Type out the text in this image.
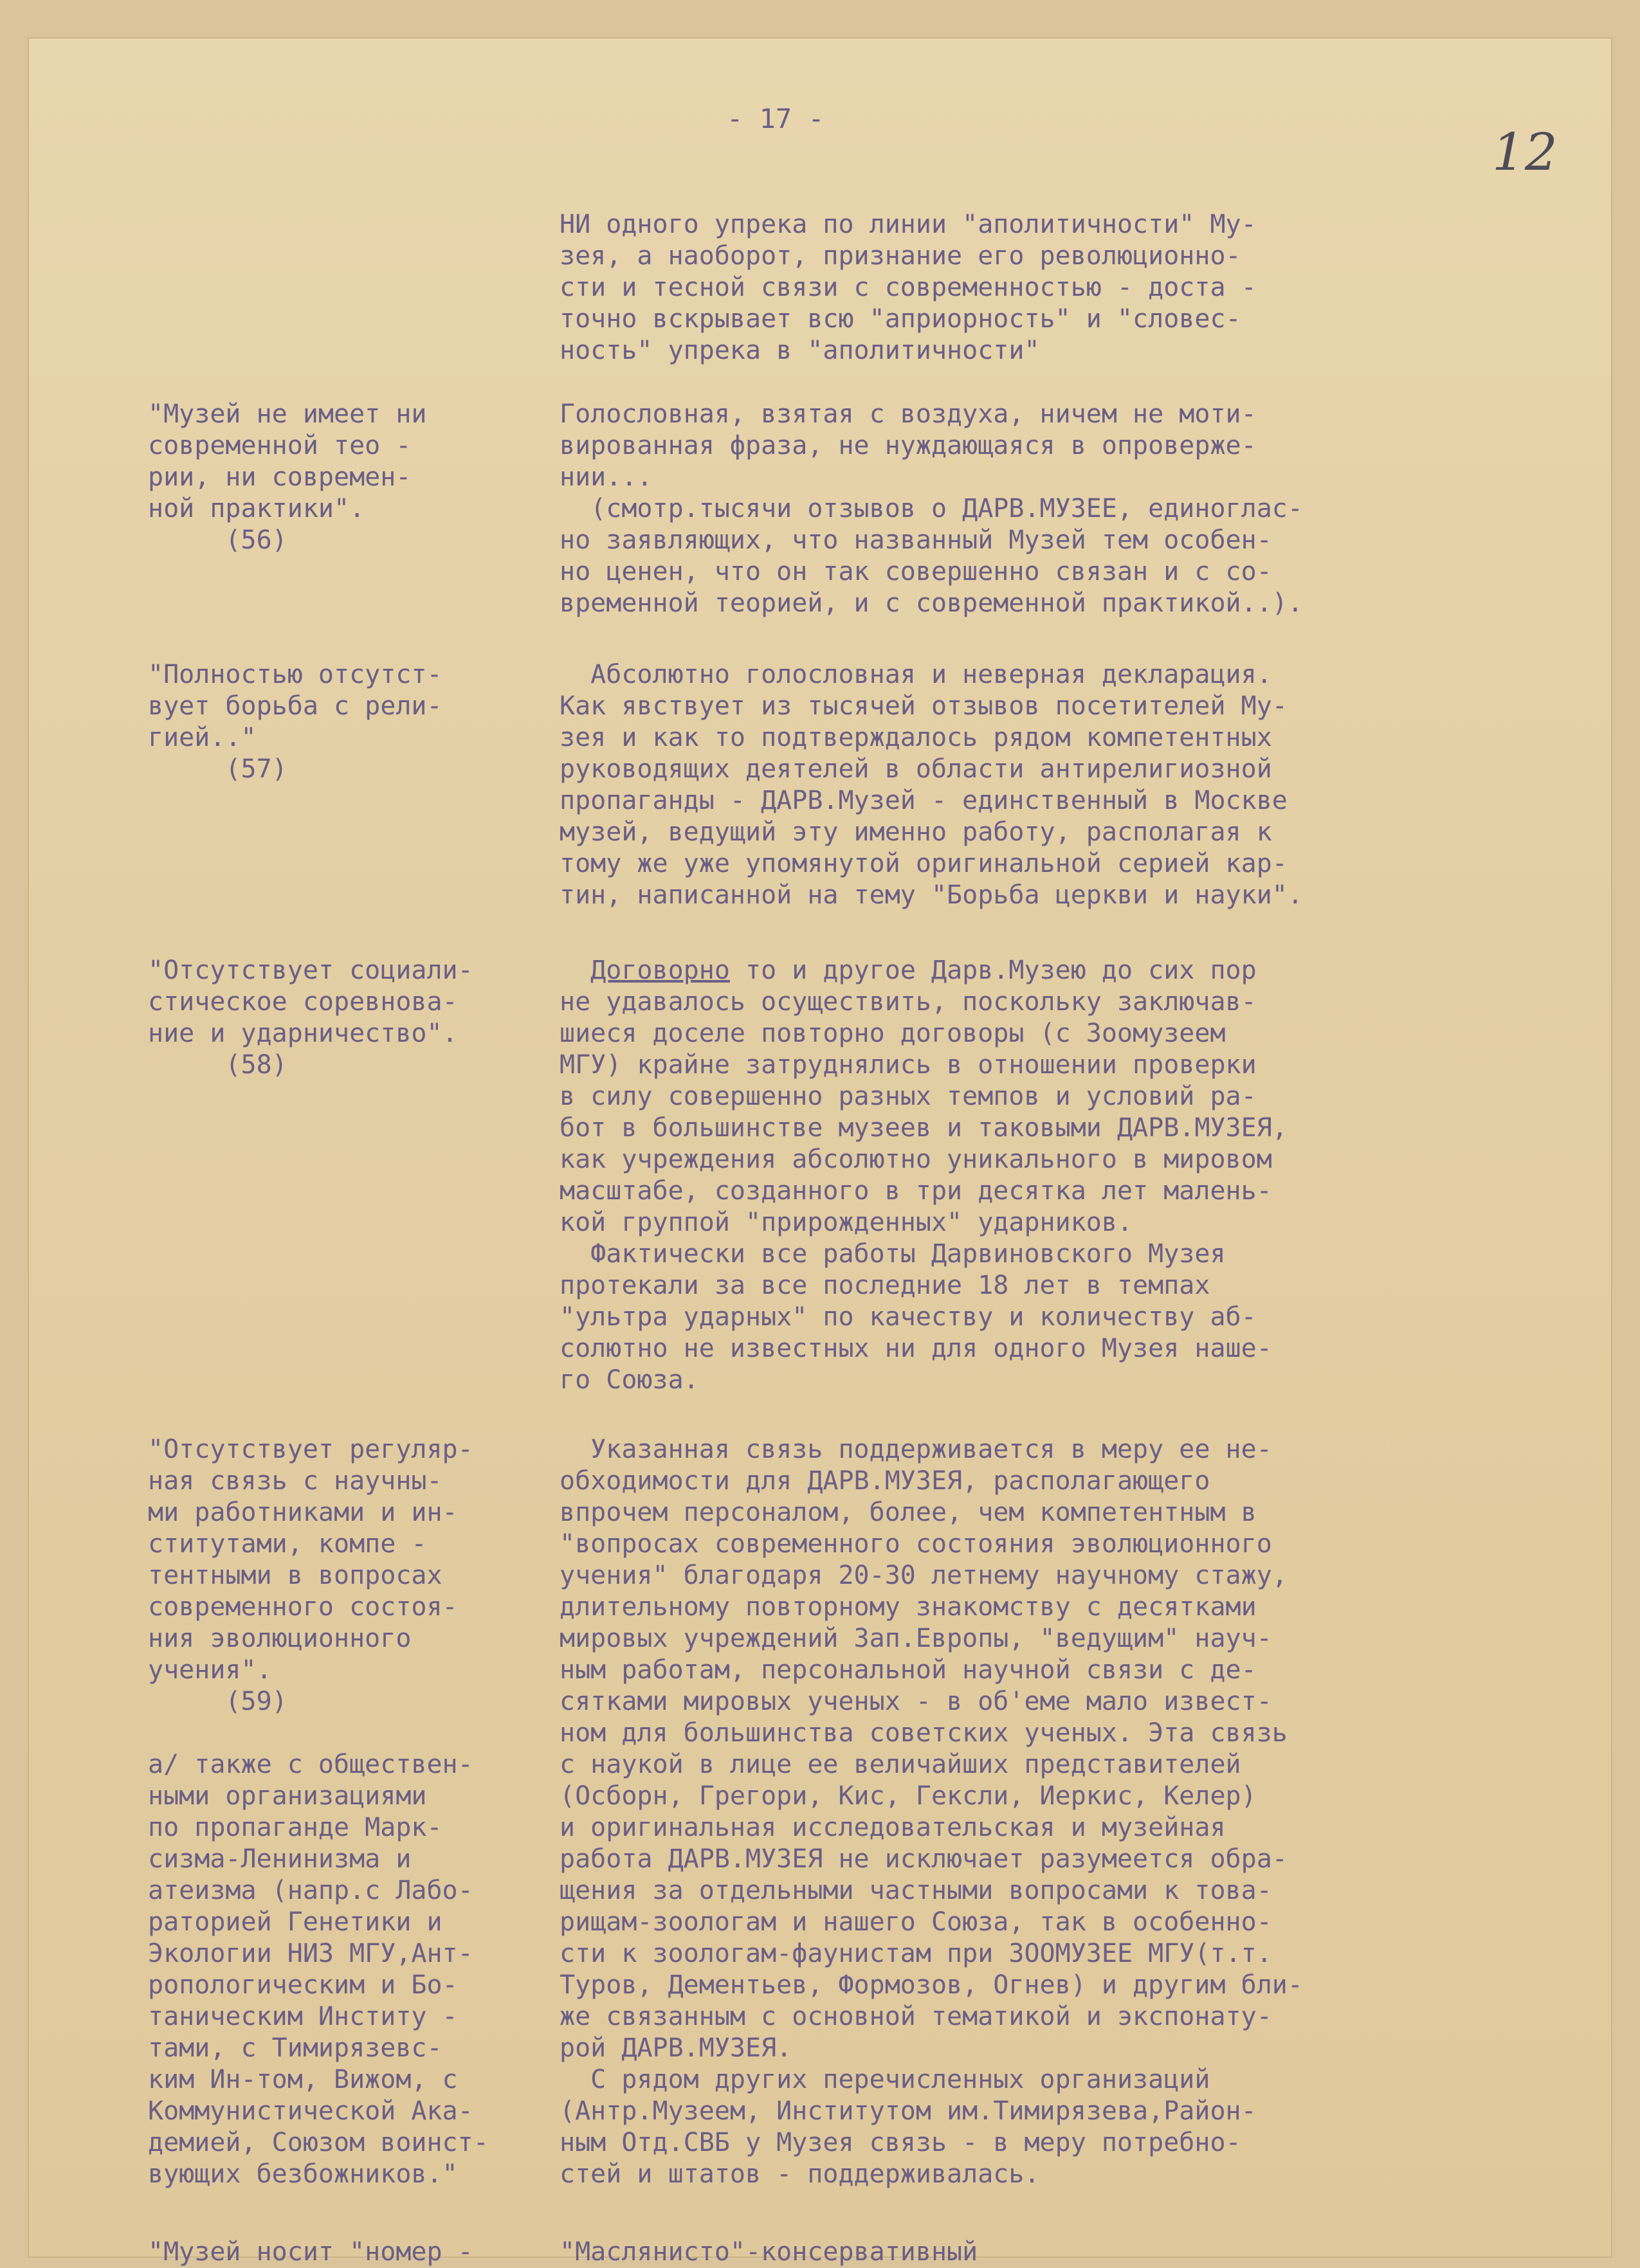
- 17 -
12

НИ одного упрека по линии "аполитичности" Му-

зея, а наоборот, признание его революционно-

сти и тесной связи с современностью - доста -

точно вскрывает всю "априорность" и "словес-

ность" упрека в "аполитичности"

"Музей не имеет ни

современной тео -

рии, ни современ-

ной практики".

(56)

Голословная, взятая с воздуха, ничем не моти-

вированная фраза, не нуждающаяся в опроверже-

нии...

(смотр.тысячи отзывов о ДАРВ.МУЗЕЕ, единоглас-

но заявляющих, что названный Музей тем особен-

но ценен, что он так совершенно связан и с со-

временной теорией, и с современной практикой..).

"Полностью отсутст-

вует борьба с рели-

гией.."

(57)

Абсолютно голословная и неверная декларация.

Как явствует из тысячей отзывов посетителей Му-

зея и как то подтверждалось рядом компетентных

руководящих деятелей в области антирелигиозной

пропаганды - ДАРВ.Музей - единственный в Москве

музей, ведущий эту именно работу, располагая к

тому же уже упомянутой оригинальной серией кар-

тин, написанной на тему "Борьба церкви и науки".

"Отсутствует социали-

стическое соревнова-

ние и ударничество".

(58)

Договорно то и другое Дарв.Музею до сих пор

не удавалось осуществить, поскольку заключав-

шиеся доселе повторно договоры (с Зоомузеем

МГУ) крайне затруднялись в отношении проверки

в силу совершенно разных темпов и условий ра-

бот в большинстве музеев и таковыми ДАРВ.МУЗЕЯ,

как учреждения абсолютно уникального в мировом

масштабе, созданного в три десятка лет малень-

кой группой "прирожденных" ударников.

Фактически все работы Дарвиновского Музея

протекали за все последние 18 лет в темпах

"ультра ударных" по качеству и количеству аб-

солютно не известных ни для одного Музея наше-

го Союза.

"Отсутствует регуляр-

ная связь с научны-

ми работниками и ин-

ститутами, компе -

тентными в вопросах

современного состоя-

ния эволюционного

учения".

(59)

Указанная связь поддерживается в меру ее не-

обходимости для ДАРВ.МУЗЕЯ, располагающего

впрочем персоналом, более, чем компетентным в

"вопросах современного состояния эволюционного

учения" благодаря 20-30 летнему научному стажу,

длительному повторному знакомству с десятками

мировых учреждений Зап.Европы, "ведущим" науч-

ным работам, персональной научной связи с де-

сятками мировых ученых - в об'еме мало извест-

ном для большинства советских ученых. Эта связь

а/ также с обществен-

ными организациями

по пропаганде Марк-

сизма-Ленинизма и

атеизма (напр.с Лабо-

раторией Генетики и

Экологии НИЗ МГУ,Ант-

ропологическим и Бо-

таническим Институ -

тами, с Тимирязевс-

ким Ин-том, Вижом, с

Коммунистической Ака-

демией, Союзом воинст-

вующих безбожников."

с наукой в лице ее величайших представителей

(Осборн, Грегори, Кис, Гексли, Иеркис, Келер)

и оригинальная исследовательская и музейная

работа ДАРВ.МУЗЕЯ не исключает разумеется обра-

щения за отдельными частными вопросами к това-

рищам-зоологам и нашего Союза, так в особенно-

сти к зоологам-фаунистам при ЗООМУЗЕЕ МГУ(т.т.

Туров, Дементьев, Формозов, Огнев) и другим бли-

же связанным с основной тематикой и экспонату-

рой ДАРВ.МУЗЕЯ.

С рядом других перечисленных организаций

(Антр.Музеем, Институтом им.Тимирязева,Район-

ным Отд.СВБ у Музея связь - в меру потребно-

стей и штатов - поддерживалась.

"Музей носит "номер -	"Маслянисто"-консервативный
